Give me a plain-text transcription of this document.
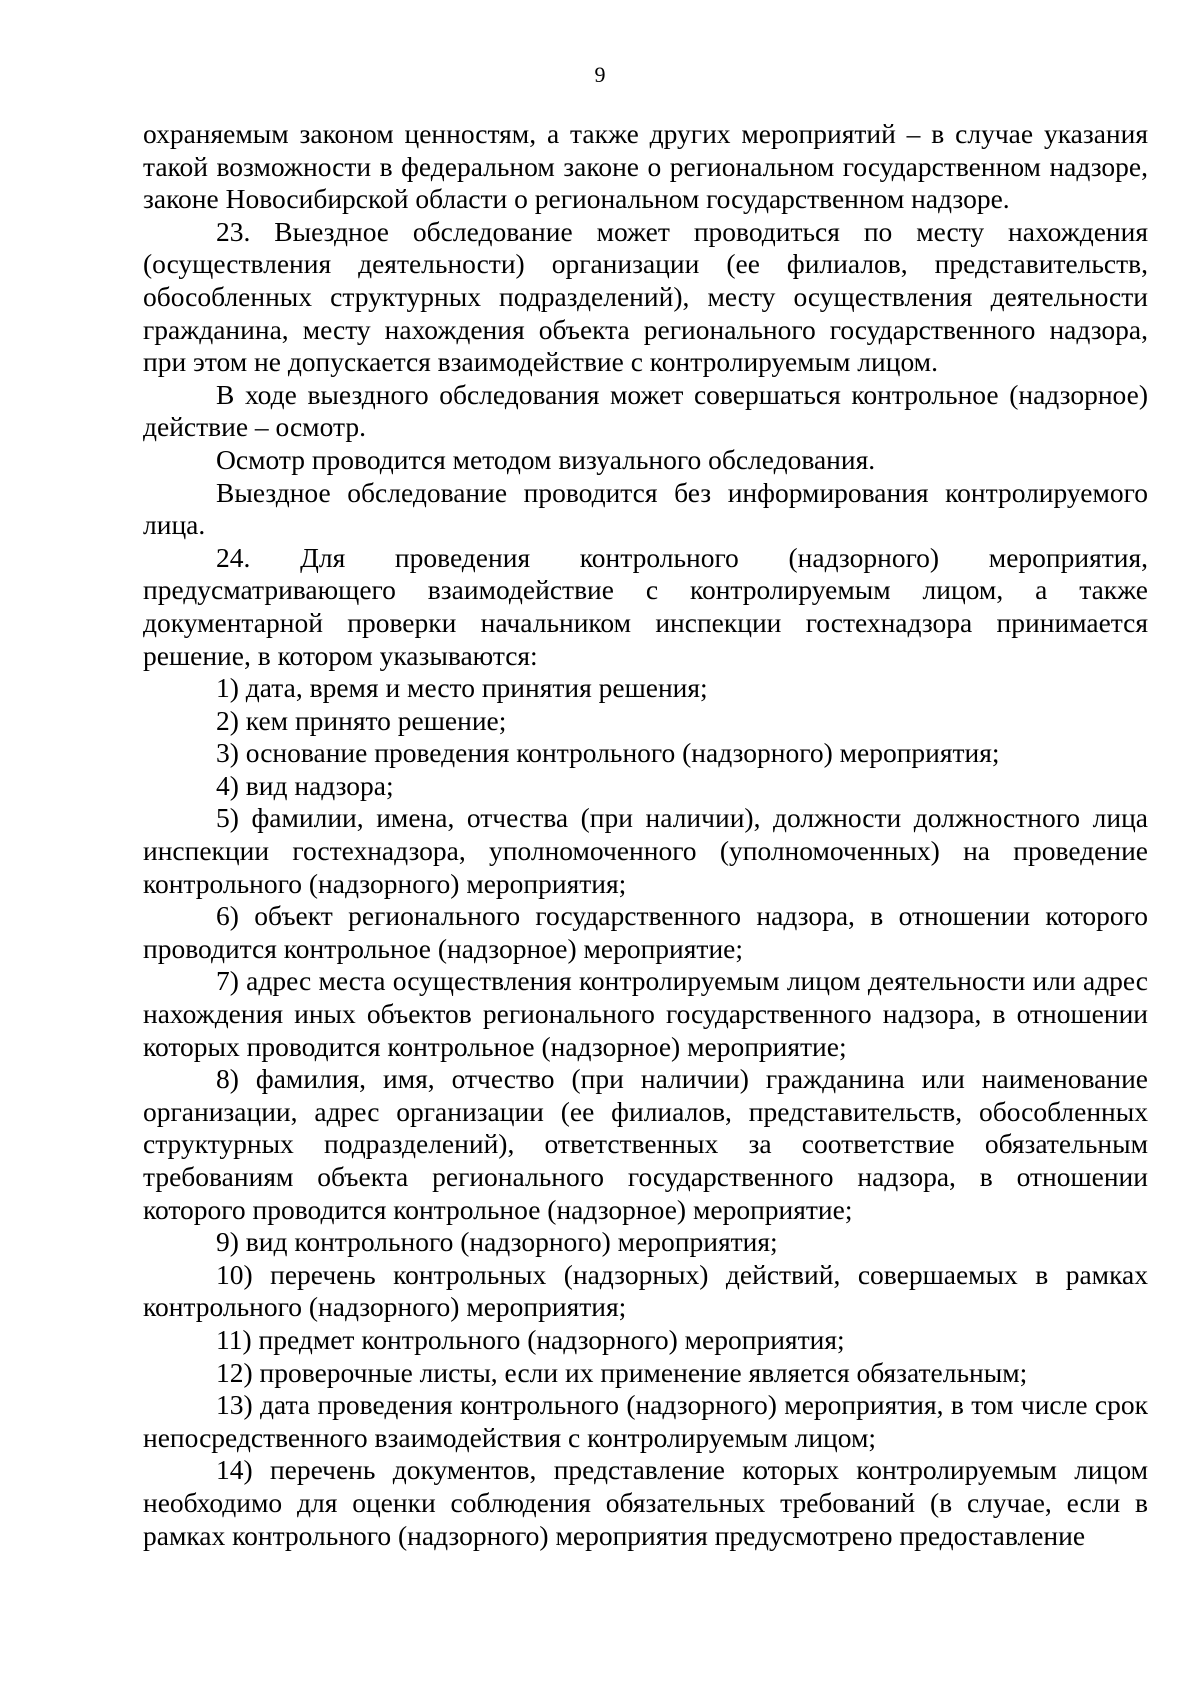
9

охраняемым законом ценностям, а также других мероприятий – в случае указания такой возможности в федеральном законе о региональном государственном надзоре, законе Новосибирской области о региональном государственном надзоре.

23. Выездное обследование может проводиться по месту нахождения (осуществления деятельности) организации (ее филиалов, представительств, обособленных структурных подразделений), месту осуществления деятельности гражданина, месту нахождения объекта регионального государственного надзора, при этом не допускается взаимодействие с контролируемым лицом.

В ходе выездного обследования может совершаться контрольное (надзорное) действие – осмотр.

Осмотр проводится методом визуального обследования.

Выездное обследование проводится без информирования контролируемого лица.

24. Для проведения контрольного (надзорного) мероприятия, предусматривающего взаимодействие с контролируемым лицом, а также документарной проверки начальником инспекции гостехнадзора принимается решение, в котором указываются:

1) дата, время и место принятия решения;

2) кем принято решение;

3) основание проведения контрольного (надзорного) мероприятия;

4) вид надзора;

5) фамилии, имена, отчества (при наличии), должности должностного лица инспекции гостехнадзора, уполномоченного (уполномоченных) на проведение контрольного (надзорного) мероприятия;

6) объект регионального государственного надзора, в отношении которого проводится контрольное (надзорное) мероприятие;

7) адрес места осуществления контролируемым лицом деятельности или адрес нахождения иных объектов регионального государственного надзора, в отношении которых проводится контрольное (надзорное) мероприятие;

8) фамилия, имя, отчество (при наличии) гражданина или наименование организации, адрес организации (ее филиалов, представительств, обособленных структурных подразделений), ответственных за соответствие обязательным требованиям объекта регионального государственного надзора, в отношении которого проводится контрольное (надзорное) мероприятие;

9) вид контрольного (надзорного) мероприятия;

10) перечень контрольных (надзорных) действий, совершаемых в рамках контрольного (надзорного) мероприятия;

11) предмет контрольного (надзорного) мероприятия;

12) проверочные листы, если их применение является обязательным;

13) дата проведения контрольного (надзорного) мероприятия, в том числе срок непосредственного взаимодействия с контролируемым лицом;

14) перечень документов, представление которых контролируемым лицом необходимо для оценки соблюдения обязательных требований (в случае, если в рамках контрольного (надзорного) мероприятия предусмотрено предоставление
